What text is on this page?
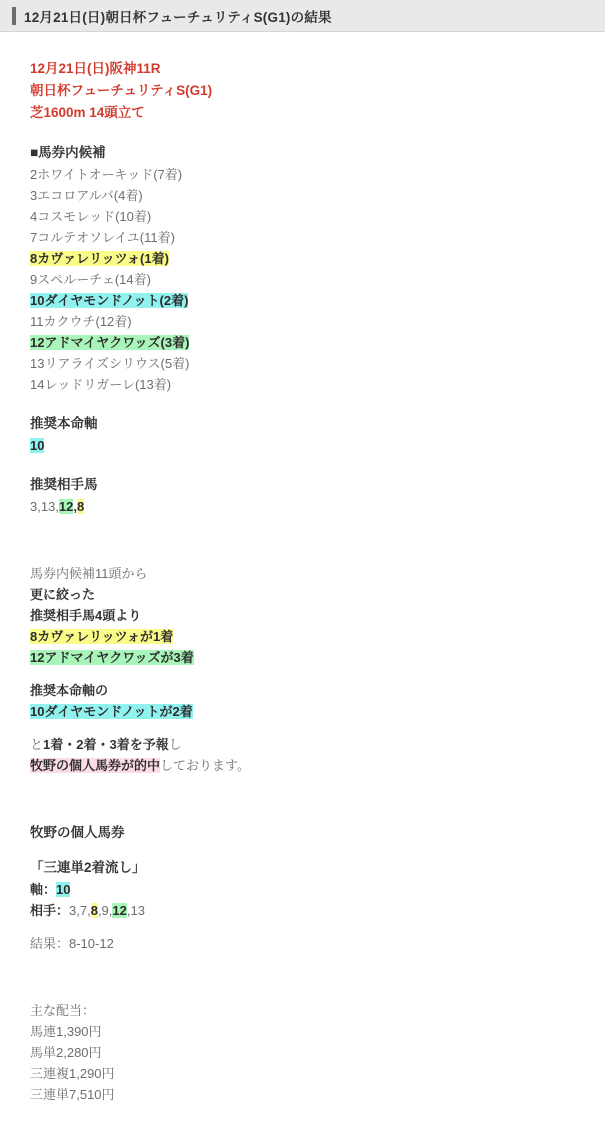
12月21日(日)朝日杯フューチュリティS(G1)の結果
12月21日(日)阪神11R
朝日杯フューチュリティS(G1)
芝1600m 14頭立て
■馬券内候補
2ホワイトオーキッド(7着)
3エコロアルバ(4着)
4コスモレッド(10着)
7コルテオソレイユ(11着)
8カヴァレリッツォ(1着)
9スペルーチェ(14着)
10ダイヤモンドノット(2着)
11カクウチ(12着)
12アドマイヤクワッズ(3着)
13リアライズシリウス(5着)
14レッドリガーレ(13着)
推奨本命軸
10
推奨相手馬
3,13,12,8
馬券内候補11頭から
更に絞った
推奨相手馬4頭より
8カヴァレリッツォが1着
12アドマイヤクワッズが3着
推奨本命軸の
10ダイヤモンドノットが2着
と1着・2着・3着を予報し
牧野の個人馬券が的中しております。
牧野の個人馬券
「三連単2着流し」
軸：10
相手：3,7,8,9,12,13
結果：8-10-12
主な配当：
馬連1,390円
馬単2,280円
三連複1,290円
三連単7,510円
